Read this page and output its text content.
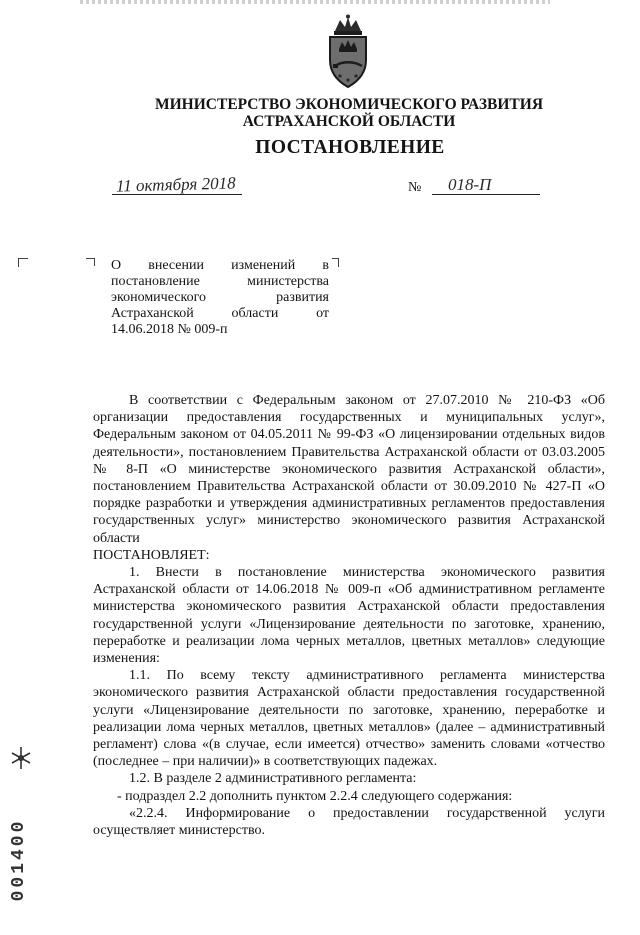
МИНИСТЕРСТВО ЭКОНОМИЧЕСКОГО РАЗВИТИЯ
АСТРАХАНСКОЙ ОБЛАСТИ
ПОСТАНОВЛЕНИЕ
11 октября 2018	№ 018-П
О внесении изменений в
постановление министерства
экономического развития
Астраханской области от
14.06.2018 № 009-п

В соответствии с Федеральным законом от 27.07.2010 № 210-ФЗ «Об организации предоставления государственных и муниципальных услуг», Федеральным законом от 04.05.2011 № 99-ФЗ «О лицензировании отдельных видов деятельности», постановлением Правительства Астраханской области от 03.03.2005 № 8-П «О министерстве экономического развития Астраханской области», постановлением Правительства Астраханской области от 30.09.2010 № 427-П «О порядке разработки и утверждения административных регламентов предоставления государственных услуг» министерство экономического развития Астраханской области

ПОСТАНОВЛЯЕТ:

1. Внести в постановление министерства экономического развития Астраханской области от 14.06.2018 № 009-п «Об административном регламенте министерства экономического развития Астраханской области предоставления государственной услуги «Лицензирование деятельности по заготовке, хранению, переработке и реализации лома черных металлов, цветных металлов» следующие изменения:

1.1. По всему тексту административного регламента министерства экономического развития Астраханской области предоставления государственной услуги «Лицензирование деятельности по заготовке, хранению, переработке и реализации лома черных металлов, цветных металлов» (далее – административный регламент) слова «(в случае, если имеется) отчество» заменить словами «отчество (последнее – при наличии)» в соответствующих падежах.

1.2. В разделе 2 административного регламента:

- подраздел 2.2 дополнить пунктом 2.2.4 следующего содержания:

«2.2.4. Информирование о предоставлении государственной услуги осуществляет министерство.

001400
